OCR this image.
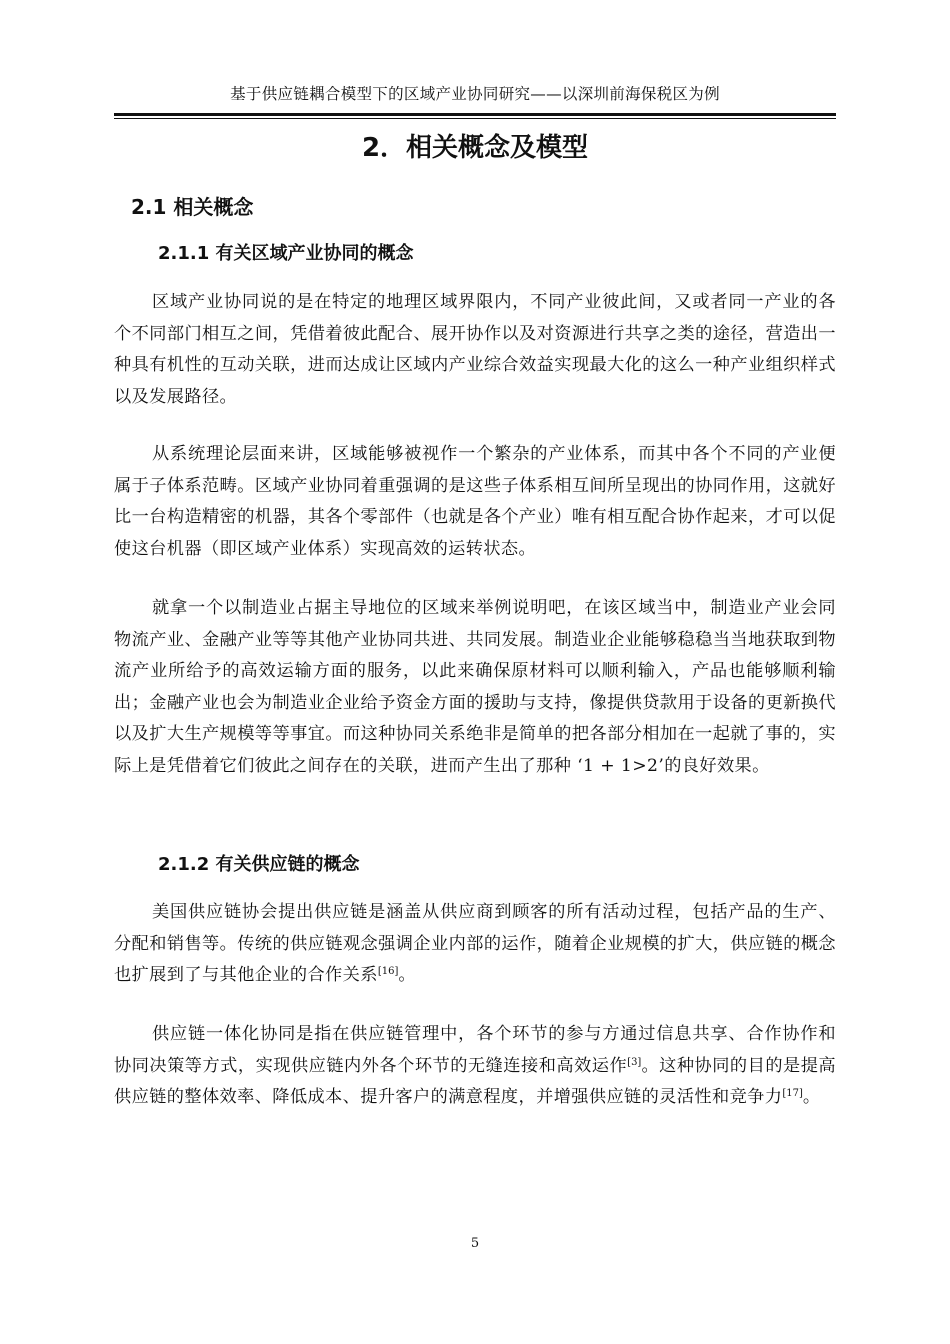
基于供应链耦合模型下的区域产业协同研究——以深圳前海保税区为例
2．相关概念及模型
2.1 相关概念
2.1.1 有关区域产业协同的概念

区域产业协同说的是在特定的地理区域界限内，不同产业彼此间，又或者同一产业的各个不同部门相互之间，凭借着彼此配合、展开协作以及对资源进行共享之类的途径，营造出一种具有机性的互动关联，进而达成让区域内产业综合效益实现最大化的这么一种产业组织样式以及发展路径。

从系统理论层面来讲，区域能够被视作一个繁杂的产业体系，而其中各个不同的产业便属于子体系范畴。区域产业协同着重强调的是这些子体系相互间所呈现出的协同作用，这就好比一台构造精密的机器，其各个零部件（也就是各个产业）唯有相互配合协作起来，才可以促使这台机器（即区域产业体系）实现高效的运转状态。

就拿一个以制造业占据主导地位的区域来举例说明吧，在该区域当中，制造业产业会同物流产业、金融产业等等其他产业协同共进、共同发展。制造业企业能够稳稳当当地获取到物流产业所给予的高效运输方面的服务，以此来确保原材料可以顺利输入，产品也能够顺利输出；金融产业也会为制造业企业给予资金方面的援助与支持，像提供贷款用于设备的更新换代以及扩大生产规模等等事宜。而这种协同关系绝非是简单的把各部分相加在一起就了事的，实际上是凭借着它们彼此之间存在的关联，进而产生出了那种 ‘1 + 1>2’的良好效果。

2.1.2 有关供应链的概念

美国供应链协会提出供应链是涵盖从供应商到顾客的所有活动过程，包括产品的生产、分配和销售等。传统的供应链观念强调企业内部的运作，随着企业规模的扩大，供应链的概念也扩展到了与其他企业的合作关系[16]。

供应链一体化协同是指在供应链管理中，各个环节的参与方通过信息共享、合作协作和协同决策等方式，实现供应链内外各个环节的无缝连接和高效运作[3]。这种协同的目的是提高供应链的整体效率、降低成本、提升客户的满意程度，并增强供应链的灵活性和竞争力[17]。

5
